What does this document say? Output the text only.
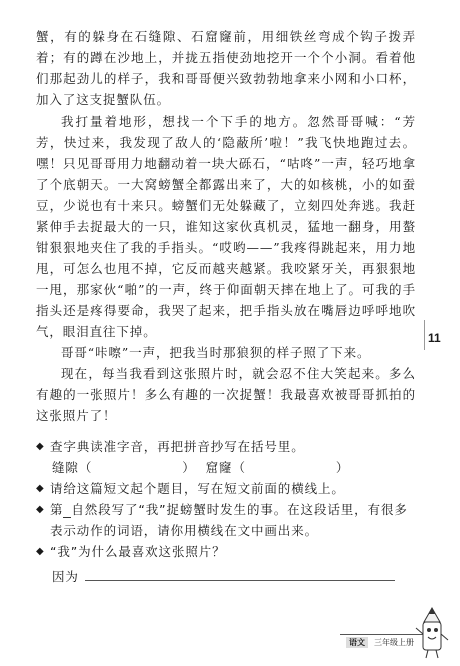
蟹，有的躲身在石缝隙、石窟窿前，用细铁丝弯成个钩子拨弄着；有的蹲在沙地上，并拢五指使劲地挖开一个个小洞。看着他们那起劲儿的样子，我和哥哥便兴致勃勃地拿来小网和小口杯，加入了这支捉蟹队伍。

我打量着地形，想找一个下手的地方。忽然哥哥喊：“芳芳，快过来，我发现了敌人的‘隐蔽所’啦！”我飞快地跑过去。嘿！只见哥哥用力地翻动着一块大砾石，“咕咚”一声，轻巧地拿了个底朝天。一大窝螃蟹全都露出来了，大的如核桃，小的如蚕豆，少说也有十来只。螃蟹们无处躲藏了，立刻四处奔逃。我赶紧伸手去捉最大的一只，谁知这家伙真机灵，猛地一翻身，用螯钳狠狠地夹住了我的手指头。“哎哟——”我疼得跳起来，用力地甩，可怎么也甩不掉，它反而越夹越紧。我咬紧牙关，再狠狠地一甩，那家伙“啪”的一声，终于仰面朝天摔在地上了。可我的手指头还是疼得要命，我哭了起来，把手指头放在嘴唇边呼呼地吹气，眼泪直往下掉。

哥哥“咔嚓”一声，把我当时那狼狈的样子照了下来。

现在，每当我看到这张照片时，就会忍不住大笑起来。多么有趣的一张照片！多么有趣的一次捉蟹！我最喜欢被哥哥抓拍的这张照片了！

11
◆ 查字典读准字音，再把拼音抄写在括号里。
缝隙 （	） 窟窿 （	）
◆ 请给这篇短文起个题目，写在短文前面的横线上。
◆ 第 自然段写了“我”捉螃蟹时发生的事。在这段话里，有很多表示动作的词语，请你用横线在文中画出来。
◆ “我”为什么最喜欢这张照片？
因为
语文	三年级上册
